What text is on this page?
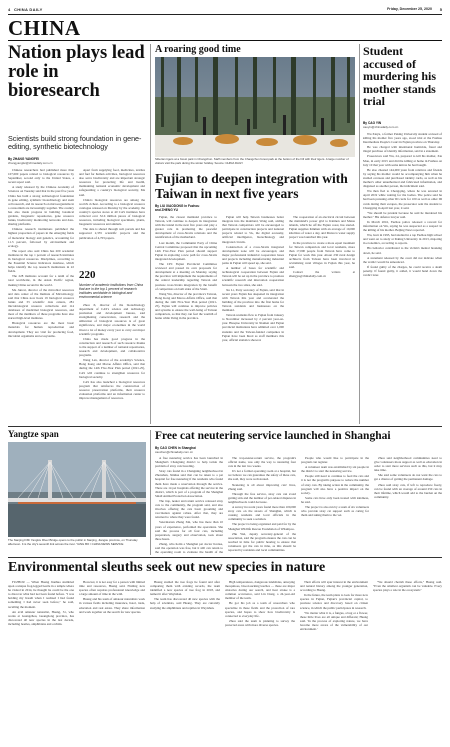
4 CHINA DAILY	Friday, December 25, 2020 5
CHINA
Nation plays lead role in bioresearch
Scientists build strong foundation in gene-editing, synthetic biotechnology
By ZHANG YANGFEI
zhangyangfei@chinadaily.com.cn

Chinese researchers had published more than 107,000 papers related to biological resources by September, second only to the United States, a recent report said.

A study released by the Chinese Academy of Sciences on Tuesday said that in the past five years China has built a strong technological foundation in gene editing, synthetic biotechnology and stem cell research, and its research on microorganisms in a consortium are increasingly together. The country has also made progress in building botanical gardens, biogenetic repositories, gene resource banks, biodiversity monitoring networks and data-sharing platforms.

Chinese research institutions published the highest proportion of papers in the emerging fields of molecular biology and genetics, accounting for 11.3 percent, followed by environment and ecology.

The report also said China has 200 academic institutes in the top 1 percent of research institutes in biological resources. Disciplines, according to the Essential Science Indicators database, which helps identify the top research institutions in 22 fields.

The 228 institutes account for a tenth of the total worldwide, in the Asian Pacific region, making China second in the world.

Ma Juncai, director of the microbial resources and data center of the Institute of Microbiology, said that China now hosts 19 biological resource banks and 33 scientific data centers, 281 microbiological resource collections and 114 databases of medicinal biological resources, and most of the members of these programs have also started high-level institutes.

Biological resources are the most basic materials for human reproduction and development. They are vital for producing food, microbial organisms and ecosystems.

Apart from supplying food, medicines, textiles and fuel for human activities, biological resources also serve biodiversity and are important strategic resources for protecting life and health, maintaining national economic development and safeguarding a country's biological security, Ma said.

China's biological resources are among the world's richest. According to a biological resource catalogue released on Monday by the academy, the country's species stores at 40 CAS institutes have collected over 32.6 million pieces of biological resources, including biological specimens, plants, biogenetic resources and animals.

The data is shared through web portals and has supported 2,335 scientific projects and the publication of 4,703 papers.

220
Number of academic institutions from China that are in the top 1 percent of research institutes worldwide in biological and environmental science

Zhou Ji, director of the biotechnology department of CAS's science and technology promotion and development bureau, said strengthening conservation, research and the utilization of biological resources is of great significance, and major economies in the world invest a lot of money every year to carry out major scientific programs.

China has made good progress in the construction and research of such resource thanks to the support of a number of national repositories, research and development, and collaborative programs.

Wang Lan, director of the academy's Science, Hong Kong and Macao Affairs Office, said that during the 14th Five-Year Plan period (2021-25), CAS will continue to strengthen resources for biological security.

CAS has also launched a biological resources program that reinforces the construction of resource preservation platforms, their resource evaluation platforms and an information center to improve management of resources.

A roaring good time
Siberian tigers at a forest park in Changchun. Staff members from the Changchun forest park at the bottom of the hill with their tigers. A large number of visitors visit the park during the winter holiday. Source: CHINA DAILY
Fujian to deepen integration with Taiwan in next five years
By LIU XIAODONG in Fuzhou
and ZHENG YU

Fujian, the closest mainland province to Taiwan, will continue to deepen its integration with the island in the next five years and play a greater role in promoting the peaceful development of cross-Straits relations and the reunification of the motherland.

Last month, the Communist Party of China Central Committee proposed that the upcoming 14th Five-Year Plan period should support Fujian in exploring a new path for cross-Straits integrated development.

The CPC Fujian Provincial Committee reviewed and passed its own proposals for development at a meeting on Monday, saying the province will implement the requirements of the central leadership regarding Taiwan and promote cross-Straits integration by the benefit of compatriots on both sides of the Strait.

Wang Wu, director of the province's Taiwan, Hong Kong and Macao Affairs Office, said that during the 14th Five-Year Plan period (2021-25), Fujian will continue to improve policies and systems to ensure the well-being of Taiwan compatriots, so that they can feel the warmth of home while living in the province.

Fujian will help Taiwan businesses better integrate into the mainland, Wang said, adding that Taiwan compatriots will be encouraged to participate in construction projects and national projects related to 5G, the digital economy, artificial intelligence, biotechnology and integrated circuits.

Construction of a cross-Straits integrated development zone will be encouraged, and major professional industrial cooperation bases and projects including manufacturing industrial parks in Fujian will speed up, she said.

A number of bases for scientific and technological cooperation between Fujian and Taiwan will be set up in the province to promote scientific research and innovation cooperation between the two sides, she said.

Xu Li, Party secretary of Fujian, said that in recent years Fujian has deepened its integration with Taiwan this year and accelerated the building of the province into the first home for Taiwan residents and businesses on the mainland.

Taiwan residents flew to Fujian from January to November increased by 2 percent year-on-year. Huaqiao University in Xiamen and Fujian provincial institutions have admitted over 1,000 students and the Taiwan-funded companies in Fujian have been hired as staff members this year, official statistics showed.

The cooperation of an electrical circuit between the mainland's power grid to Kinmen and Matsu islands, which lie off the Fujian coast, has started. Fujian supplies Kinmen with an average of 10,000 kilolitres of water a day, and Matsu is water supply project was launched this year.

In the province to create a more equal treatment for Taiwan compatriots and local residents, more than 17,000 people from Taiwan have come to Fujian for work this year. About 230 rural design architects from Taiwan have been involved in revitalizing rural villages in Fujian this year, he said.

Contact the writers at zhengyu@chinadaily.com.cn

Student accused of murdering his mother stands trial
By CAO YIN
caoyin@chinadaily.com.cn

Wu Xieyu, a former Peking University student accused of killing his mother five years ago, stood trial at the Fuzhou Intermediate People's Court in Fujian province on Thursday.

He was charged with intentional homicide, fraud and illegal purchase of identity information, said in a statement.

Prosecutors said Wu, 24, prepared to kill his mother, Xie Mou, in early 2015 and did the killing at home in Fuzhou on July 10 that year with some knives he had bought.

He also cheated 144,000 yuan from relatives and friends by saying his mother would be accompanying him when he studied overseas and purchased identity cards, as well as his mother's other unauthorized and fabricated information, and disguised as another person, the indictment said.

Wu then fled to Chongqing, where he was arrested in April 2019 while waiting for the bodies. The police said he had been pursuing other ID cards for 100 as well as other ID cards during their escapes, the prosecutor sent the student to Chongqing in April last year, it said.

"We should be prudent because he said he murdered his mother." His defence lawyer said.

In March 2016, Fuzhou police released a reward for information on Wu, saying he was suspected as a suspect in the killing of his mother. Beijing News reported.

Wu, born in 1995, had studied in a top Fuzhou high school and went on to study at Peking University in 2013, majoring in economics, according to reports.

His behavior contributed to the victim's mental breaking down, he said.

A statement released by the court did not indicate when the verdict would be announced.

If found guilty of the charges, he could receive a death penalty. If found guilty, it added, it would hand down the verdict later.

Yangtze span
The Nanjing Fifth Yangtze River Bridge opens to the public in Nanjing, Jiangsu province, on Thursday afternoon. It is the city's seventh link across the river. YANG BO / CHINA NEWS SERVICE
Free cat neutering service launched in Shanghai
By CAO CHEN in Shanghai
caochen@chinadaily.com.cn

A free neutering service has been launched in Shanghai's Changning district to help tackle the problem of stray cats breeding.

Stray cats found in a Changning neighborhood in Zhonshan, Xinhua said that can be taken to a pet hospital for free neutering if the residents who found them have made a reservation through the service. There are 14 pet hospitals offering the service in the district, which is part of a program of the Shanghai Small Animal Protection Association.

The trap, neuter and return service released stray cats to the community, the program said, and also involves offering the cats basic grooming and vaccination against rabies. After that, they are returned to where they were found.

Veterinarian Zhang Xin, who has more than 10 years of experience, performed the operations. She said the process for all four cats, including preparation, surgery and observation, took about three hours.

Zhang, who holds a Shanghai pet doctor license, said the operation was free, but it still can return to the operating room to evaluate the health of the

The trap-neuter-return service, the program's official name, was only the way to neutering four cats in the last two weeks.

It's not a formal operating room at a hospital, but we believe we can guarantee the safety of these cats, she said, they were well-treated.

Neutering is all about improving cats' lives, Zhang said.

Through the free service, stray cats can avoid getting sick and the number of pet-related disputes in neighborhoods could decrease.

A survey in recent years found more than 100,000 stray cats on the streets of Shanghai, which is causing residents and local officials in the community to seek a solution.

The project is being organized and paid for by the Shanghai Wildlife Rescue Foundation of Whampoa.

Zhu Wei, deputy secretary-general of the association, said the program ensures the cats can be reached in time for public hearing to ensure that volunteers get the cats in time, as this should be reported by residents and local communities.

People who would like to participate in the program can register.

A volunteer team was established by six people in the district to start the neutering service.

People still need to continue to feed the cats and it is not the program's purpose to reduce the number of stray cats. By taking action in the community, the program will also have a positive impact on the society.

Some cats have only been treated with kindness, he said.

The project is also run by a team of six volunteers who provide stray cat support such as caring for them and taking them to the vet.

Zhou said neighborhood communities need to give volunteers more support as well as education in order to start more services such as this, but it may take time.

She said some volunteers do not want the cats to get a chance of getting the permanent damage.

Zhou said stray cats, if left to reproduce freely, can be found with an average of around 250 cats in their lifetime, which would add to the burden on the community.

Environmental sleuths seek out new species in nature

FUZHOU — When Huang Jianhua stumbled upon a unique frog-legged beetle in a temple where he visited in 2014, he thought he could be the one to discover what had not been found before. "I was holding my breath when I realized I had found something I had never seen before," he said, recalling the moment.

An avid amateur naturalist, Huang, 31, who works at Guangzhou, Guangdong province, has discovered 40 new species in the last decade, including beetles, amphibians and orchids.

However, it is not easy for a person with limited time and resources, Huang said. Finding new species often requires professional knowledge and a large amount of time in the wild.

Huang and his team of amateur naturalists work in various fields including insurance, hotel, trade, education and real estate. They share information and work together on the search for new species.

Huang studied the tree frogs he found and after comparing them with existing records, the team identified a new species of tree frog in 2018, and named it after Wuyishan.

The team has discovered 40 new species with the help of scientists, said Huang. They are currently studying the amphibians and reptiles in Wuyishan.

High temperatures, dangerous landslides, annoying mosquitoes, blood-sucking leeches — these are major obstacles during our search, and heat stroke is a common occurrence, said Lin Dong, a 24-year-old member of the team.

He got his job as a team of researchers who specialize in these fields and the protection of rare species, and hopes to show how biodiversity is connected to everyday life.

Zhou said the team is planning to survey the protected areas with more diverse species.

Their efforts will spur interest in the environment and natural history among the younger generation, according to Huang.

In the future, the team plans to look for more new species in Fujian, Fujian's provincial capital, to promote science and discovery based on citizen science, in which the public participates in research.

"No matter what it is, a fungus, a bug or a flower, these little lives are all unique and different; Huang said. 'In the process of exploring nature, we have become more aware of the vulnerability of our environment.'

"We should cherish these efforts," Huang said. "Even the smallest organism can be valuable. Every species plays a role in the ecosystem."
